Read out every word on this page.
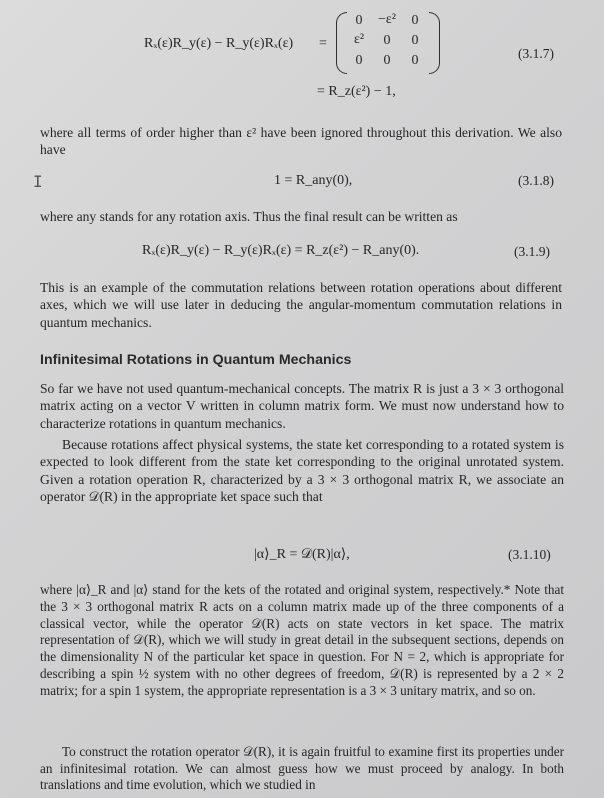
Rₓ(ε)R_y(ε) − R_y(ε)Rₓ(ε) =
0	−ε²	0
ε²	0	0
0	0	0	(3.1.7)
= R_z(ε²) − 1,
where all terms of order higher than ε² have been ignored throughout this derivation. We also have
I	1 = R_any(0),	(3.1.8)
where any stands for any rotation axis. Thus the final result can be written as
Rₓ(ε)R_y(ε) − R_y(ε)Rₓ(ε) = R_z(ε²) − R_any(0).	(3.1.9)
This is an example of the commutation relations between rotation operations about different axes, which we will use later in deducing the angular-momentum commutation relations in quantum mechanics.
Infinitesimal Rotations in Quantum Mechanics
So far we have not used quantum-mechanical concepts. The matrix R is just a 3 × 3 orthogonal matrix acting on a vector V written in column matrix form. We must now understand how to characterize rotations in quantum mechanics.
Because rotations affect physical systems, the state ket corresponding to a rotated system is expected to look different from the state ket corresponding to the original unrotated system. Given a rotation operation R, characterized by a 3 × 3 orthogonal matrix R, we associate an operator 𝒟(R) in the appropriate ket space such that
|α⟩_R = 𝒟(R)|α⟩,	(3.1.10)
where |α⟩_R and |α⟩ stand for the kets of the rotated and original system, respectively.* Note that the 3 × 3 orthogonal matrix R acts on a column matrix made up of the three components of a classical vector, while the operator 𝒟(R) acts on state vectors in ket space. The matrix representation of 𝒟(R), which we will study in great detail in the subsequent sections, depends on the dimensionality N of the particular ket space in question. For N = 2, which is appropriate for describing a spin ½ system with no other degrees of freedom, 𝒟(R) is represented by a 2 × 2 matrix; for a spin 1 system, the appropriate representation is a 3 × 3 unitary matrix, and so on.
To construct the rotation operator 𝒟(R), it is again fruitful to examine first its properties under an infinitesimal rotation. We can almost guess how we must proceed by analogy. In both translations and time evolution, which we studied in
